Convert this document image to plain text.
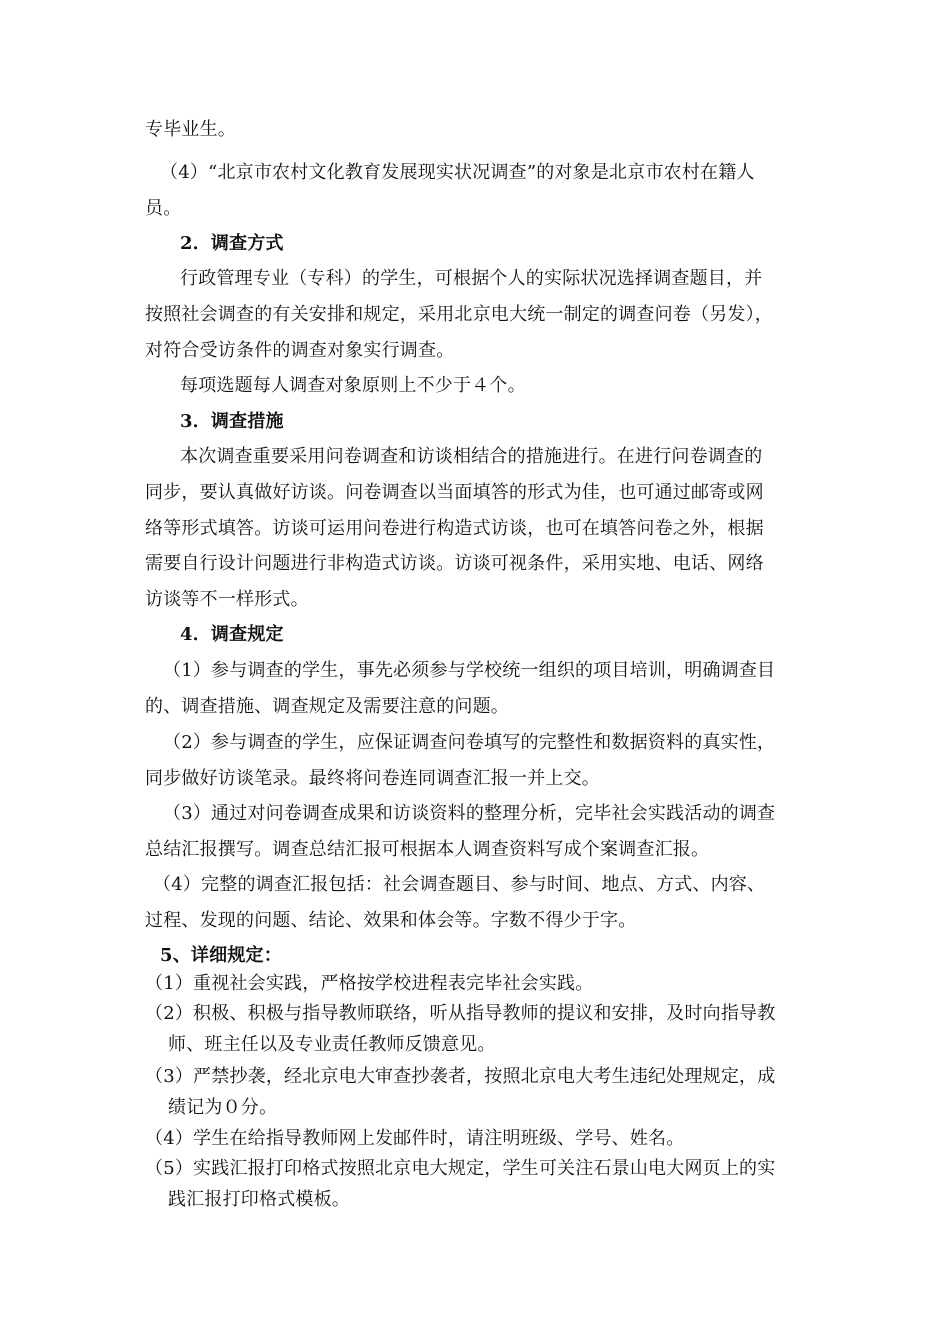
专毕业生。
（4）“北京市农村文化教育发展现实状况调查”的对象是北京市农村在籍人
员。
2．调查方式
行政管理专业（专科）的学生，可根据个人的实际状况选择调查题目，并
按照社会调查的有关安排和规定，采用北京电大统一制定的调查问卷（另发），
对符合受访条件的调查对象实行调查。
每项选题每人调查对象原则上不少于４个。
3．调查措施
本次调查重要采用问卷调查和访谈相结合的措施进行。在进行问卷调查的
同步，要认真做好访谈。问卷调查以当面填答的形式为佳，也可通过邮寄或网
络等形式填答。访谈可运用问卷进行构造式访谈，也可在填答问卷之外，根据
需要自行设计问题进行非构造式访谈。访谈可视条件，采用实地、电话、网络
访谈等不一样形式。
4．调查规定
（1）参与调查的学生，事先必须参与学校统一组织的项目培训，明确调查目
的、调查措施、调查规定及需要注意的问题。
（2）参与调查的学生，应保证调查问卷填写的完整性和数据资料的真实性，
同步做好访谈笔录。最终将问卷连同调查汇报一并上交。
（3）通过对问卷调查成果和访谈资料的整理分析，完毕社会实践活动的调查
总结汇报撰写。调查总结汇报可根据本人调查资料写成个案调查汇报。
（4）完整的调查汇报包括：社会调查题目、参与时间、地点、方式、内容、
过程、发现的问题、结论、效果和体会等。字数不得少于字。
5、详细规定：
（1）重视社会实践，严格按学校进程表完毕社会实践。
（2）积极、积极与指导教师联络，听从指导教师的提议和安排，及时向指导教
师、班主任以及专业责任教师反馈意见。
（3）严禁抄袭，经北京电大审查抄袭者，按照北京电大考生违纪处理规定，成
绩记为０分。
（4）学生在给指导教师网上发邮件时，请注明班级、学号、姓名。
（5）实践汇报打印格式按照北京电大规定，学生可关注石景山电大网页上的实
践汇报打印格式模板。
